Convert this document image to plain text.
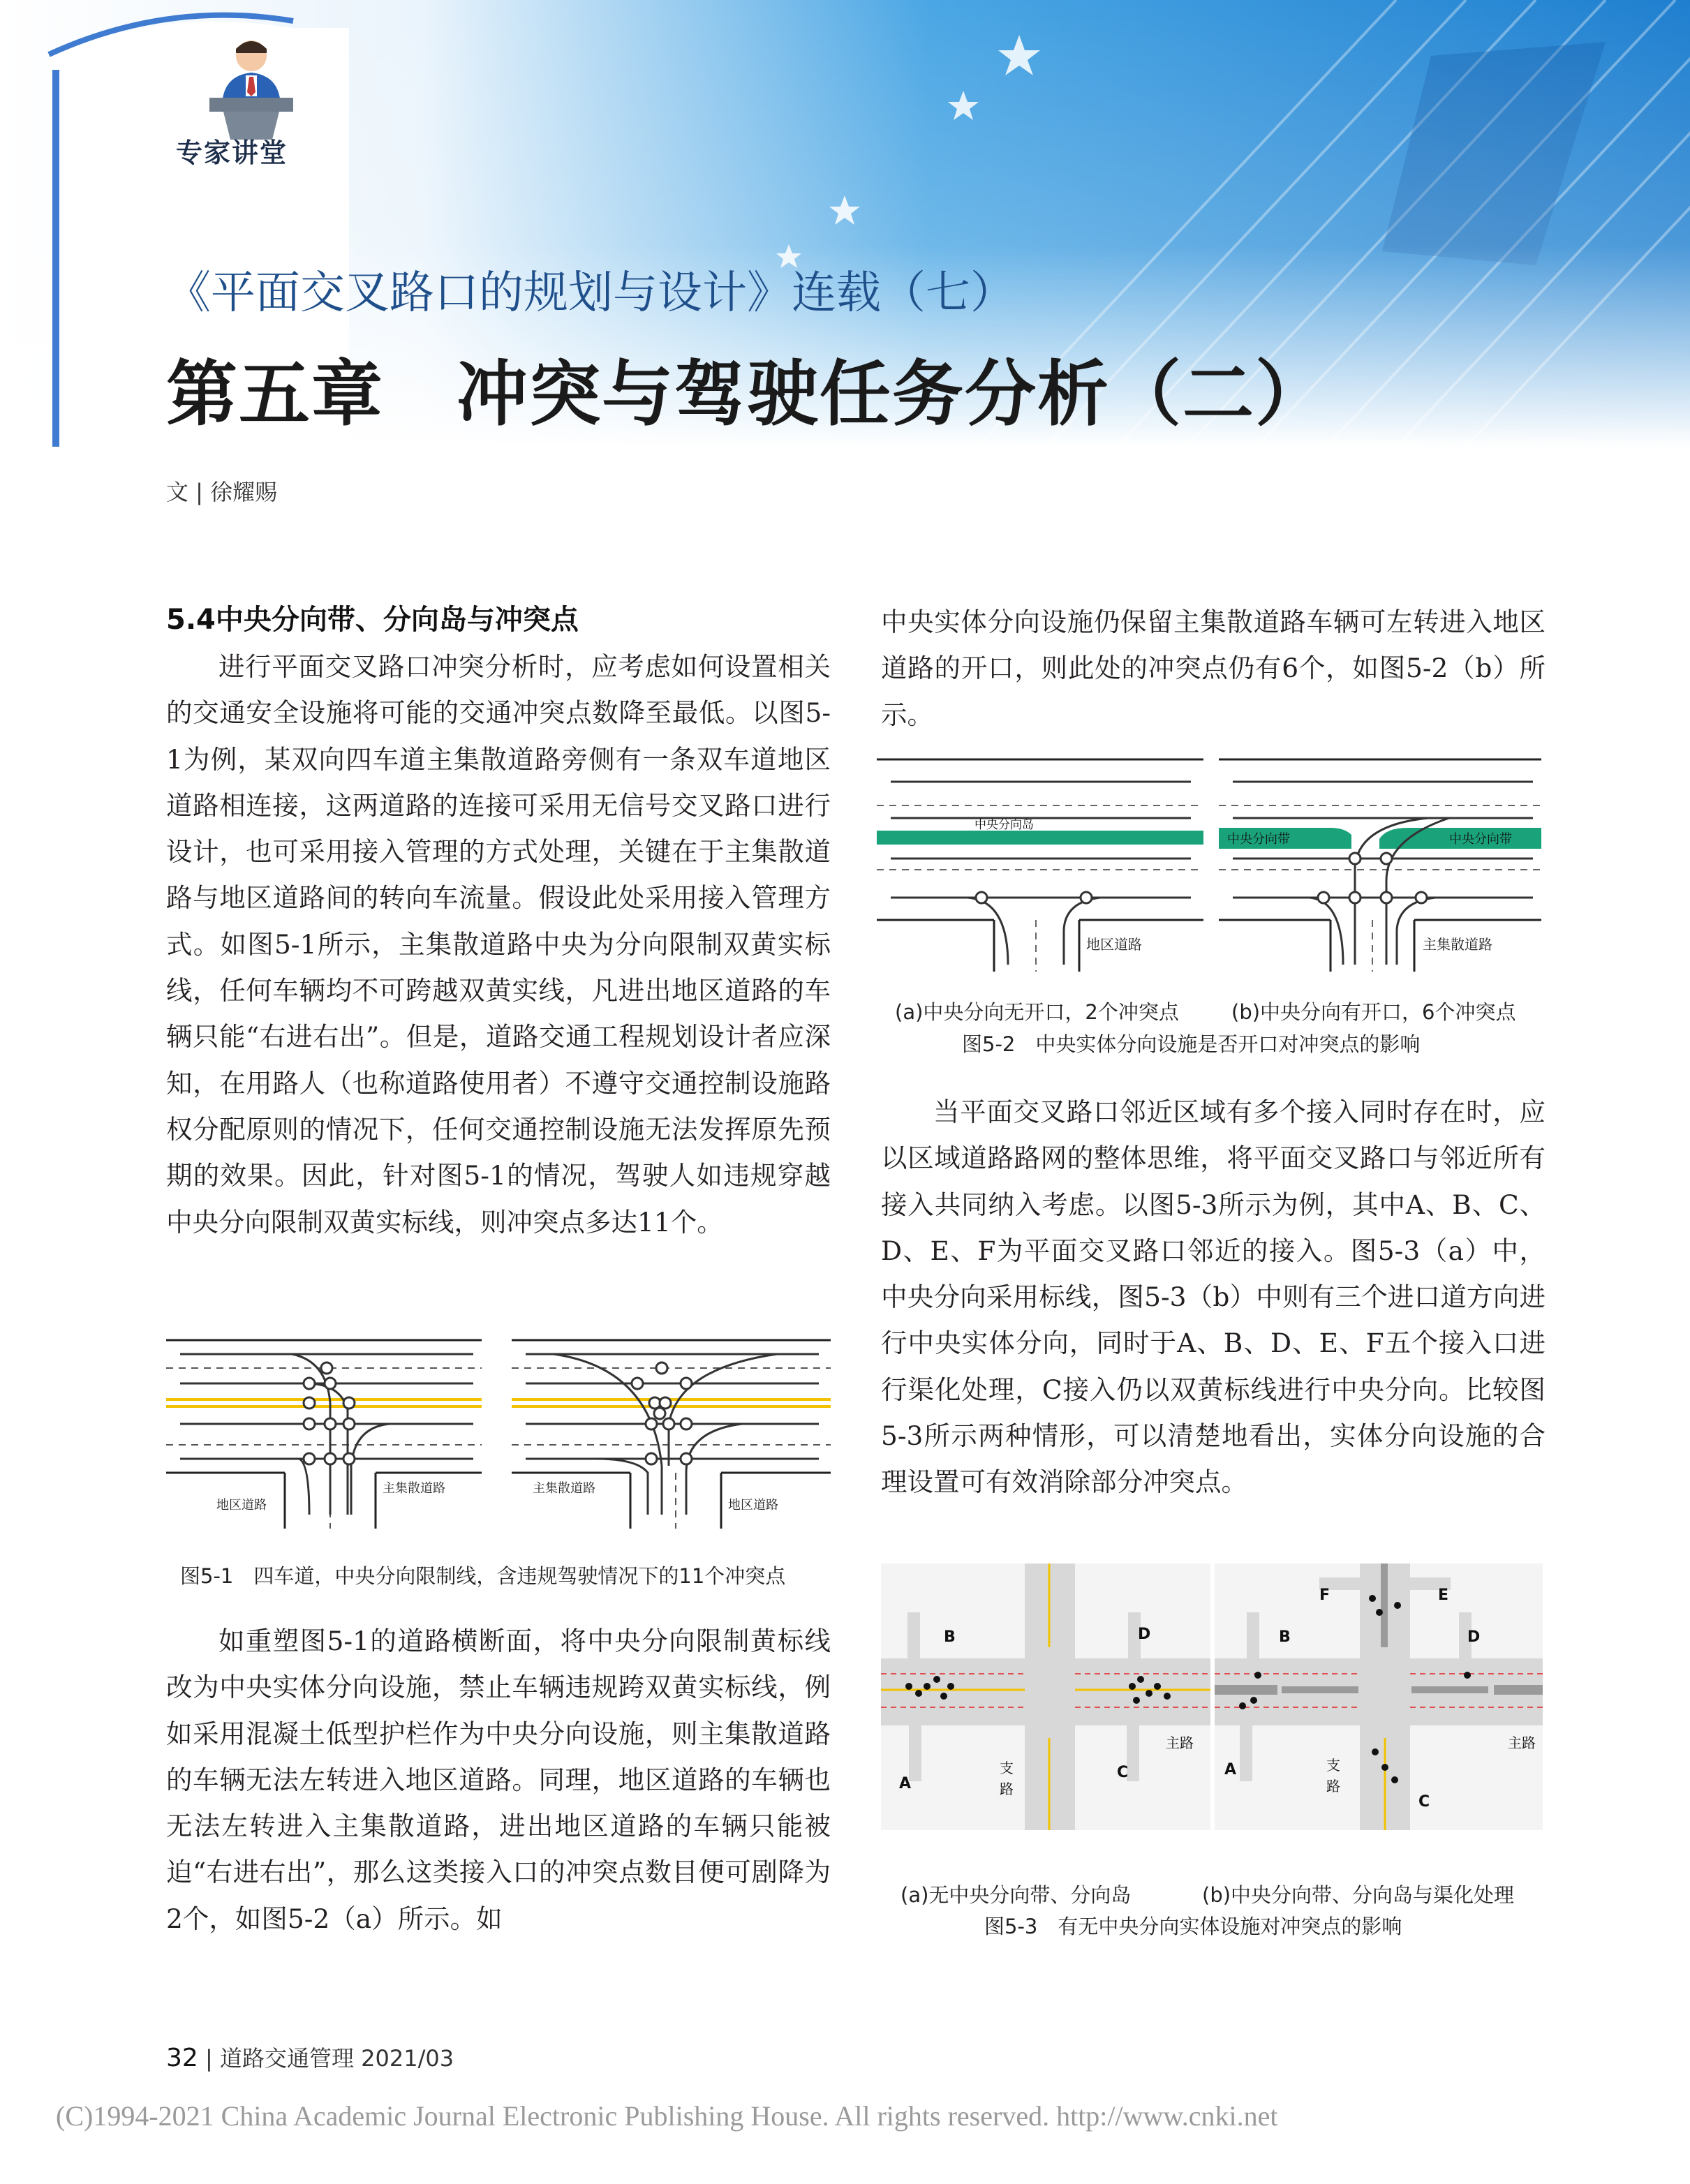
专家讲堂
《平面交叉路口的规划与设计》连载（七）
第五章　冲突与驾驶任务分析（二）
文 | 徐耀赐
5.4中央分向带、分向岛与冲突点

进行平面交叉路口冲突分析时，应考虑如何设置相关的交通安全设施将可能的交通冲突点数降至最低。以图5-1为例，某双向四车道主集散道路旁侧有一条双车道地区道路相连接，这两道路的连接可采用无信号交叉路口进行设计，也可采用接入管理的方式处理，关键在于主集散道路与地区道路间的转向车流量。假设此处采用接入管理方式。如图5-1所示，主集散道路中央为分向限制双黄实标线，任何车辆均不可跨越双黄实线，凡进出地区道路的车辆只能“右进右出”。但是，道路交通工程规划设计者应深知，在用路人（也称道路使用者）不遵守交通控制设施路权分配原则的情况下，任何交通控制设施无法发挥原先预期的效果。因此，针对图5-1的情况，驾驶人如违规穿越中央分向限制双黄实标线，则冲突点多达11个。

地区道路
主集散道路	主集散道路
地区道路
图5-1　四车道，中央分向限制线，含违规驾驶情况下的11个冲突点

如重塑图5-1的道路横断面，将中央分向限制黄标线改为中央实体分向设施，禁止车辆违规跨双黄实标线，例如采用混凝土低型护栏作为中央分向设施，则主集散道路的车辆无法左转进入地区道路。同理，地区道路的车辆也无法左转进入主集散道路，进出地区道路的车辆只能被迫“右进右出”，那么这类接入口的冲突点数目便可剧降为2个，如图5-2（a）所示。如

中央实体分向设施仍保留主集散道路车辆可左转进入地区道路的开口，则此处的冲突点仍有6个，如图5-2（b）所示。

中央分向岛
地区道路
中央分向带	中央分向带
主集散道路
(a)中央分向无开口，2个冲突点	(b)中央分向有开口，6个冲突点
图5-2　中央实体分向设施是否开口对冲突点的影响

当平面交叉路口邻近区域有多个接入同时存在时，应以区域道路路网的整体思维，将平面交叉路口与邻近所有接入共同纳入考虑。以图5-3所示为例，其中A、B、C、D、E、F为平面交叉路口邻近的接入。图5-3（a）中，中央分向采用标线，图5-3（b）中则有三个进口道方向进行中央实体分向，同时于A、B、D、E、F五个接入口进行渠化处理，C接入仍以双黄标线进行中央分向。比较图5-3所示两种情形，可以清楚地看出，实体分向设施的合理设置可有效消除部分冲突点。

B	D
A
C
主路
支
路
B	D
A
C
F	E
主路
支
路
(a)无中央分向带、分向岛	(b)中央分向带、分向岛与渠化处理
图5-3　有无中央分向实体设施对冲突点的影响
32 | 道路交通管理 2021/03
(C)1994-2021 China Academic Journal Electronic Publishing House. All rights reserved. http://www.cnki.net
